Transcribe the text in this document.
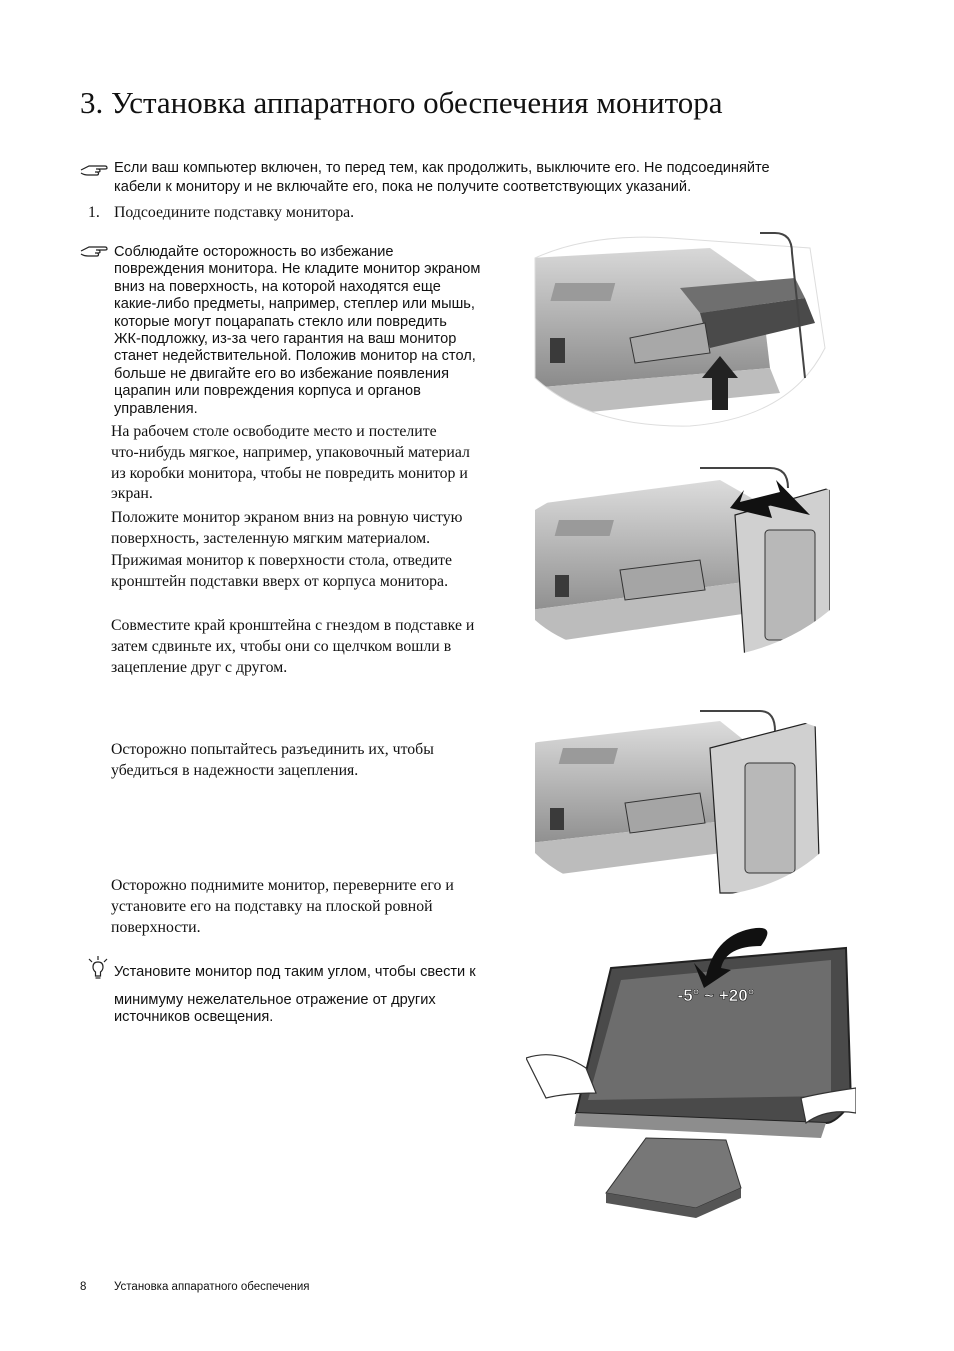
3. Установка аппаратного обеспечения монитора
Если ваш компьютер включен, то перед тем, как продолжить, выключите его. Не подсоединяйте
кабели к монитору и не включайте его, пока не получите соответствующих указаний.
1. Подсоедините подставку монитора.
Соблюдайте осторожность во избежание
повреждения монитора. Не кладите монитор экраном
вниз на поверхность, на которой находятся еще
какие-либо предметы, например, степлер или мышь,
которые могут поцарапать стекло или повредить
ЖК-подложку, из-за чего гарантия на ваш монитор
станет недействительной. Положив монитор на стол,
больше не двигайте его во избежание появления
царапин или повреждения корпуса и органов
управления.
На рабочем столе освободите место и постелите
что-нибудь мягкое, например, упаковочный материал
из коробки монитора, чтобы не повредить монитор и
экран.
Положите монитор экраном вниз на ровную чистую
поверхность, застеленную мягким материалом.
Прижимая монитор к поверхности стола, отведите
кронштейн подставки вверх от корпуса монитора.
Совместите край кронштейна с гнездом в подставке и
затем сдвиньте их, чтобы они со щелчком вошли в
зацепление друг с другом.
Осторожно попытайтесь разъединить их, чтобы
убедиться в надежности зацепления.
Осторожно поднимите монитор, переверните его и
установите его на подставку на плоской ровной
поверхности.
Установите монитор под таким углом, чтобы свести к
минимуму нежелательное отражение от других
источников освещения.
-5° ~ +20°
8 Установка аппаратного обеспечения
